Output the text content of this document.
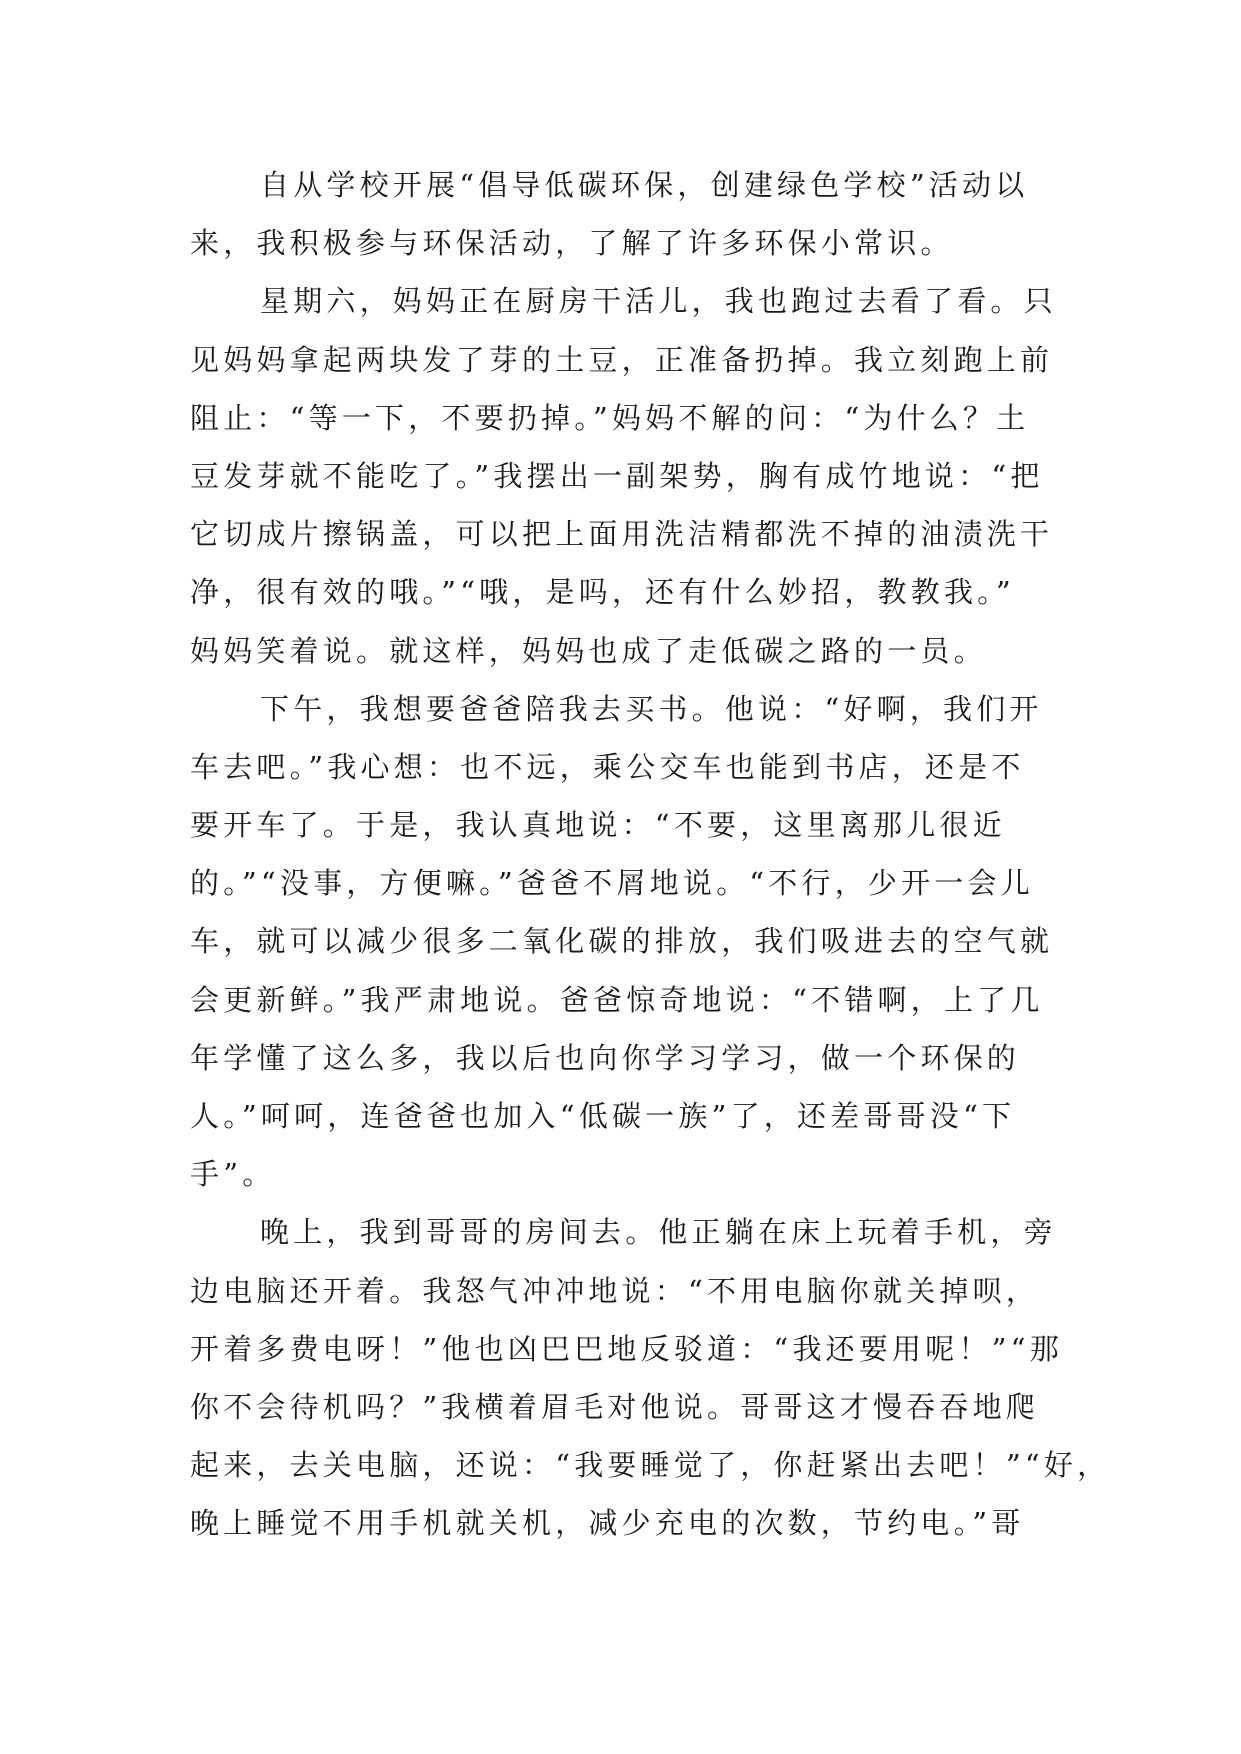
自从学校开展“倡导低碳环保，创建绿色学校”活动以
来，我积极参与环保活动，了解了许多环保小常识。
星期六，妈妈正在厨房干活儿，我也跑过去看了看。只
见妈妈拿起两块发了芽的土豆，正准备扔掉。我立刻跑上前
阻止：“等一下，不要扔掉。”妈妈不解的问：“为什么？土
豆发芽就不能吃了。”我摆出一副架势，胸有成竹地说：“把
它切成片擦锅盖，可以把上面用洗洁精都洗不掉的油渍洗干
净，很有效的哦。”“哦，是吗，还有什么妙招，教教我。”
妈妈笑着说。就这样，妈妈也成了走低碳之路的一员。
下午，我想要爸爸陪我去买书。他说：“好啊，我们开
车去吧。”我心想：也不远，乘公交车也能到书店，还是不
要开车了。于是，我认真地说：“不要，这里离那儿很近
的。”“没事，方便嘛。”爸爸不屑地说。“不行，少开一会儿
车，就可以减少很多二氧化碳的排放，我们吸进去的空气就
会更新鲜。”我严肃地说。爸爸惊奇地说：“不错啊，上了几
年学懂了这么多，我以后也向你学习学习，做一个环保的
人。”呵呵，连爸爸也加入“低碳一族”了，还差哥哥没“下
手”。
晚上，我到哥哥的房间去。他正躺在床上玩着手机，旁
边电脑还开着。我怒气冲冲地说：“不用电脑你就关掉呗，
开着多费电呀！”他也凶巴巴地反驳道：“我还要用呢！”“那
你不会待机吗？”我横着眉毛对他说。哥哥这才慢吞吞地爬
起来，去关电脑，还说：“我要睡觉了，你赶紧出去吧！”“好，
晚上睡觉不用手机就关机，减少充电的次数，节约电。”哥
